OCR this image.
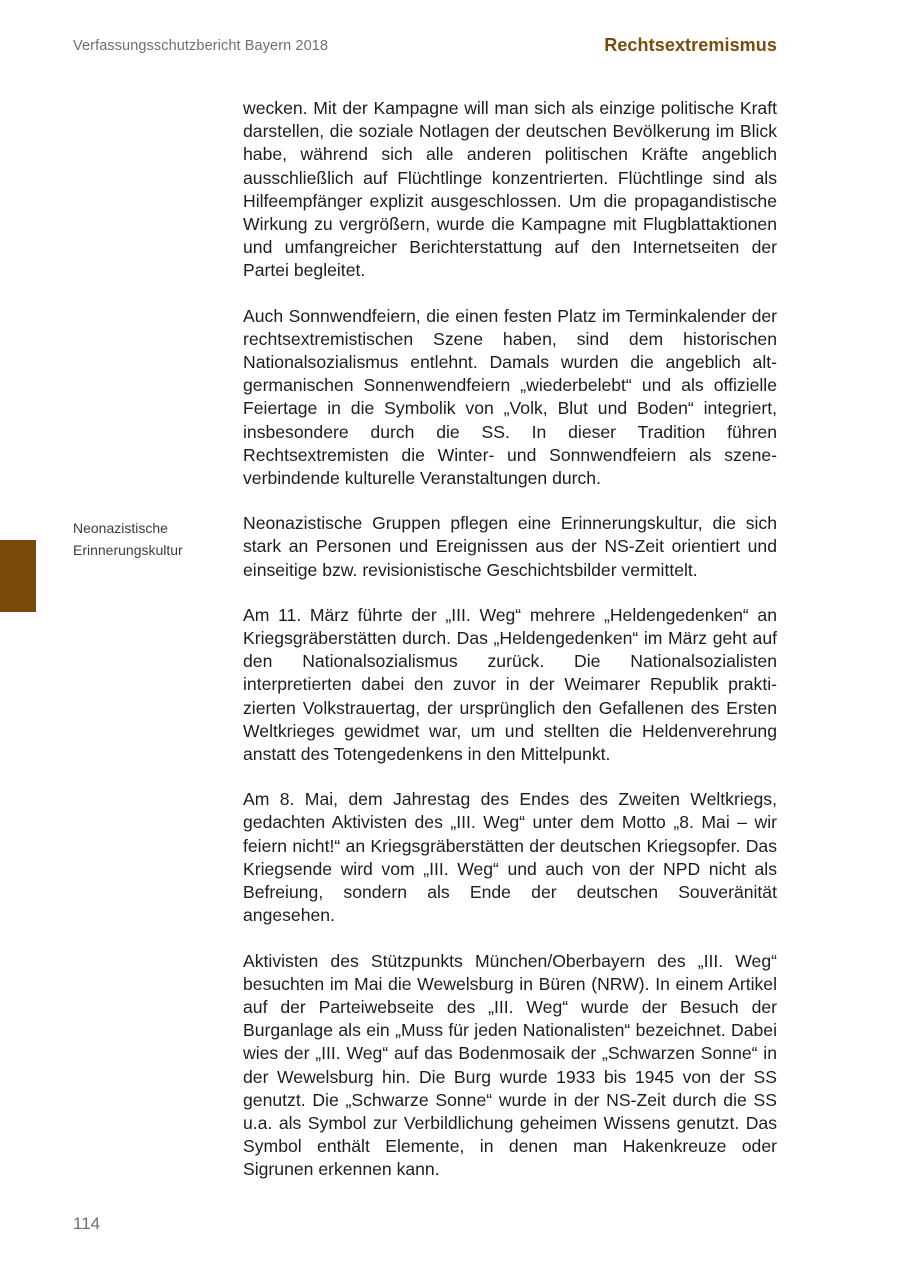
Verfassungsschutzbericht Bayern 2018	Rechtsextremismus
Neonazistische
Erinnerungskultur

wecken. Mit der Kampagne will man sich als einzige politische Kraft darstellen, die soziale Notlagen der deutschen Bevölkerung im Blick habe, während sich alle anderen politischen Kräfte angeblich ausschließlich auf Flüchtlinge konzentrierten. Flüchtlinge sind als Hilfeempfänger explizit ausgeschlossen. Um die propagandistische Wirkung zu vergrößern, wurde die Kampagne mit Flugblattaktionen und umfangreicher Berichterstattung auf den Internetseiten der Partei begleitet.

Auch Sonnwendfeiern, die einen festen Platz im Terminkalender der rechtsextremistischen Szene haben, sind dem historischen Nationalsozialismus entlehnt. Damals wurden die angeblich altgermanischen Sonnenwendfeiern „wiederbelebt“ und als offizielle Feiertage in die Symbolik von „Volk, Blut und Boden“ integriert, insbesondere durch die SS. In dieser Tradition führen Rechtsextremisten die Winter- und Sonnwendfeiern als szeneverbindende kulturelle Veranstaltungen durch.

Neonazistische Gruppen pflegen eine Erinnerungskultur, die sich stark an Personen und Ereignissen aus der NS-Zeit orientiert und einseitige bzw. revisionistische Geschichtsbilder vermittelt.

Am 11. März führte der „III. Weg“ mehrere „Heldengedenken“ an Kriegsgräberstätten durch. Das „Heldengedenken“ im März geht auf den Nationalsozialismus zurück. Die Nationalsozialisten interpretierten dabei den zuvor in der Weimarer Republik praktizierten Volkstrauertag, der ursprünglich den Gefallenen des Ersten Weltkrieges gewidmet war, um und stellten die Heldenverehrung anstatt des Totengedenkens in den Mittelpunkt.

Am 8. Mai, dem Jahrestag des Endes des Zweiten Weltkriegs, gedachten Aktivisten des „III. Weg“ unter dem Motto „8. Mai – wir feiern nicht!“ an Kriegsgräberstätten der deutschen Kriegsopfer. Das Kriegsende wird vom „III. Weg“ und auch von der NPD nicht als Befreiung, sondern als Ende der deutschen Souveränität angesehen.

Aktivisten des Stützpunkts München/Oberbayern des „III. Weg“ besuchten im Mai die Wewelsburg in Büren (NRW). In einem Artikel auf der Parteiwebseite des „III. Weg“ wurde der Besuch der Burganlage als ein „Muss für jeden Nationalisten“ bezeichnet. Dabei wies der „III. Weg“ auf das Bodenmosaik der „Schwarzen Sonne“ in der Wewelsburg hin. Die Burg wurde 1933 bis 1945 von der SS genutzt. Die „Schwarze Sonne“ wurde in der NS-Zeit durch die SS u.a. als Symbol zur Verbildlichung geheimen Wissens genutzt. Das Symbol enthält Elemente, in denen man Hakenkreuze oder Sigrunen erkennen kann.

114
